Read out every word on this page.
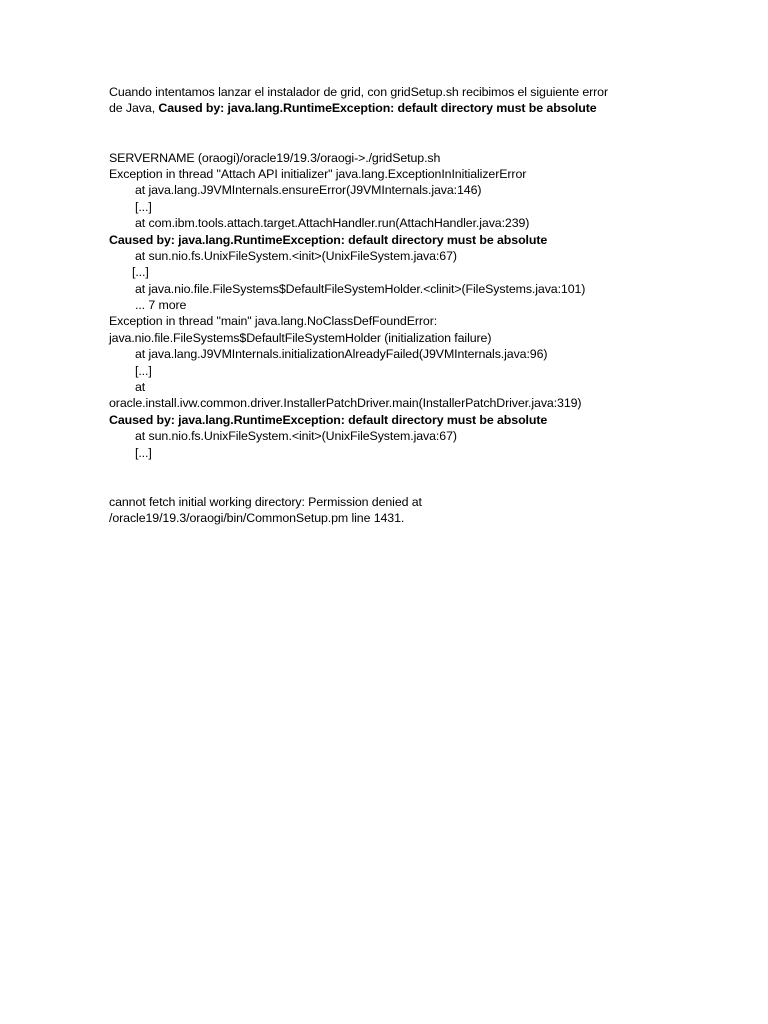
Cuando intentamos lanzar el instalador de grid, con gridSetup.sh recibimos el siguiente error
de Java, Caused by: java.lang.RuntimeException: default directory must be absolute
SERVERNAME (oraogi)/oracle19/19.3/oraogi->./gridSetup.sh
Exception in thread "Attach API initializer" java.lang.ExceptionInInitializerError
at java.lang.J9VMInternals.ensureError(J9VMInternals.java:146)
[...]
at com.ibm.tools.attach.target.AttachHandler.run(AttachHandler.java:239)
Caused by: java.lang.RuntimeException: default directory must be absolute
at sun.nio.fs.UnixFileSystem.<init>(UnixFileSystem.java:67)
[...]
at java.nio.file.FileSystems$DefaultFileSystemHolder.<clinit>(FileSystems.java:101)
... 7 more
Exception in thread "main" java.lang.NoClassDefFoundError:
java.nio.file.FileSystems$DefaultFileSystemHolder (initialization failure)
at java.lang.J9VMInternals.initializationAlreadyFailed(J9VMInternals.java:96)
[...]
at
oracle.install.ivw.common.driver.InstallerPatchDriver.main(InstallerPatchDriver.java:319)
Caused by: java.lang.RuntimeException: default directory must be absolute
at sun.nio.fs.UnixFileSystem.<init>(UnixFileSystem.java:67)
[...]
cannot fetch initial working directory: Permission denied at
/oracle19/19.3/oraogi/bin/CommonSetup.pm line 1431.
